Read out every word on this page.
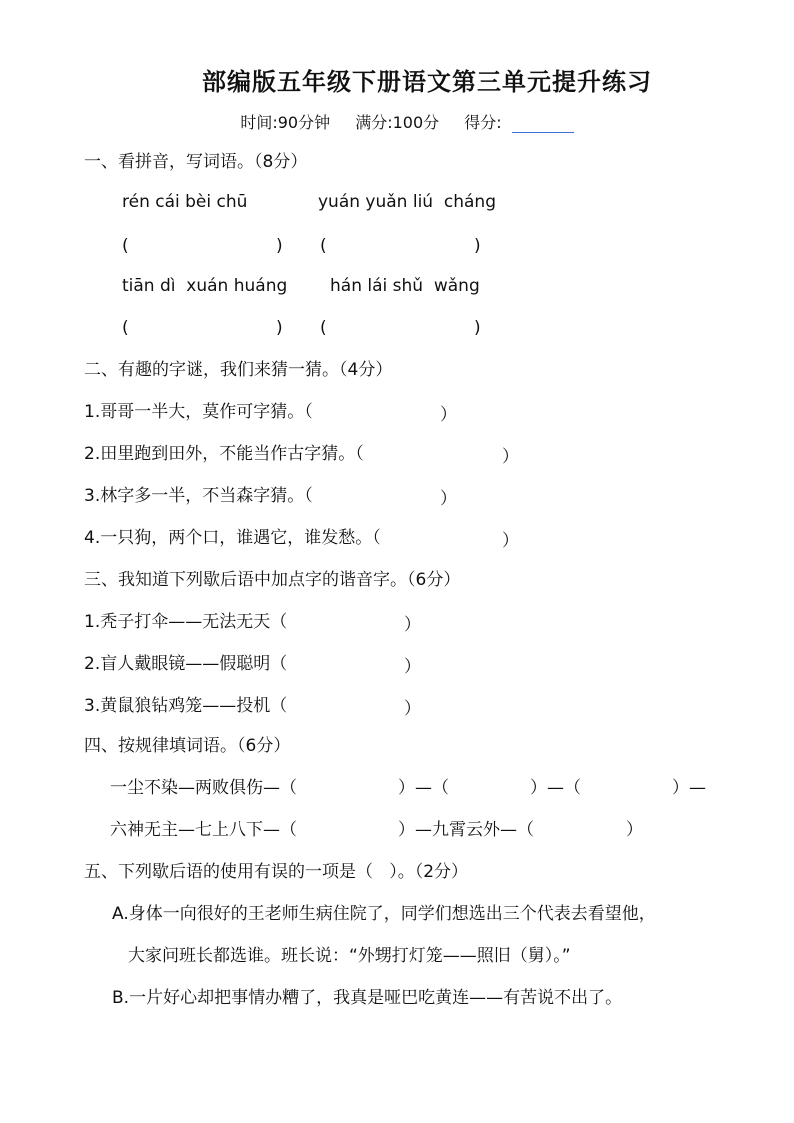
部编版五年级下册语文第三单元提升练习
时间:90分钟 满分:100分 得分:
一、看拼音，写词语。（8分）
rén cái bèi chū	yuán yuǎn liú  cháng
(	) (	)
tiān dì  xuán huáng	hán lái shǔ  wǎng
(	) (	)
二、有趣的字谜，我们来猜一猜。（4分）
1.哥哥一半大，莫作可字猜。（	）
2.田里跑到田外，不能当作古字猜。（	）
3.林字多一半，不当森字猜。（	）
4.一只狗，两个口，谁遇它，谁发愁。（	）
三、我知道下列歇后语中加点字的谐音字。（6分）
1.秃子打伞——无法无天（	）
2.盲人戴眼镜——假聪明（	）
3.黄鼠狼钻鸡笼——投机（	）
四、按规律填词语。（6分）
一尘不染—两败俱伤—（	）—（	）—（	）—
六神无主—七上八下—（	）—九霄云外—（	）
五、下列歇后语的使用有误的一项是（   ）。（2分）
A.身体一向很好的王老师生病住院了，同学们想选出三个代表去看望他，
大家问班长都选谁。班长说：“外甥打灯笼——照旧（舅）。”
B.一片好心却把事情办糟了，我真是哑巴吃黄连——有苦说不出了。
